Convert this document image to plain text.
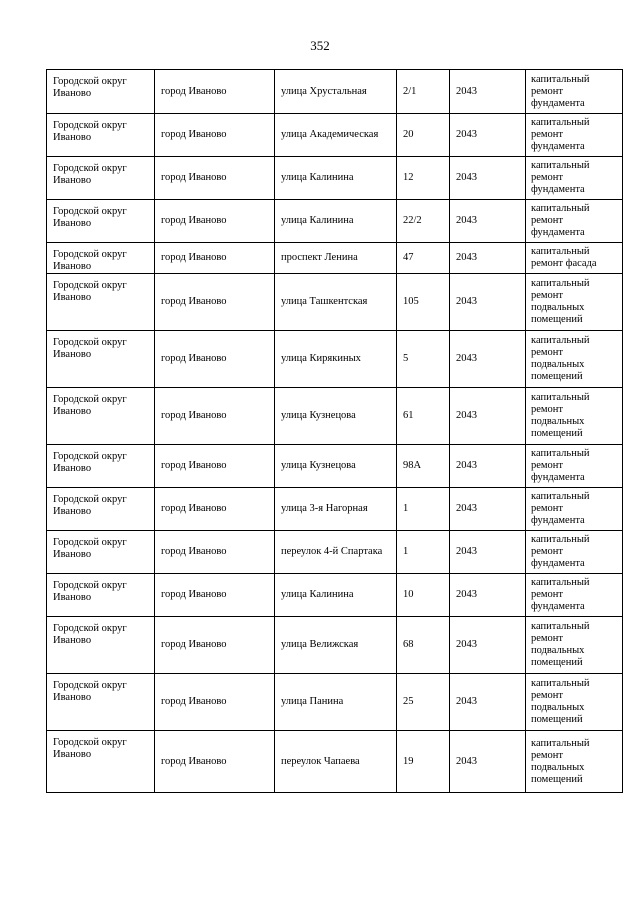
352
Городской округ Иваново	город Иваново	улица Хрустальная	2/1	2043	капитальный ремонт фундамента
Городской округ Иваново	город Иваново	улица Академическая	20	2043	капитальный ремонт фундамента
Городской округ Иваново	город Иваново	улица Калинина	12	2043	капитальный ремонт фундамента
Городской округ Иваново	город Иваново	улица Калинина	22/2	2043	капитальный ремонт фундамента
Городской округ Иваново	город Иваново	проспект Ленина	47	2043	капитальный ремонт фасада
Городской округ Иваново	город Иваново	улица Ташкентская	105	2043	капитальный ремонт подвальных помещений
Городской округ Иваново	город Иваново	улица Кирякиных	5	2043	капитальный ремонт подвальных помещений
Городской округ Иваново	город Иваново	улица Кузнецова	61	2043	капитальный ремонт подвальных помещений
Городской округ Иваново	город Иваново	улица Кузнецова	98А	2043	капитальный ремонт фундамента
Городской округ Иваново	город Иваново	улица 3-я Нагорная	1	2043	капитальный ремонт фундамента
Городской округ Иваново	город Иваново	переулок 4-й Спартака	1	2043	капитальный ремонт фундамента
Городской округ Иваново	город Иваново	улица Калинина	10	2043	капитальный ремонт фундамента
Городской округ Иваново	город Иваново	улица Велижская	68	2043	капитальный ремонт подвальных помещений
Городской округ Иваново	город Иваново	улица Панина	25	2043	капитальный ремонт подвальных помещений
Городской округ Иваново	город Иваново	переулок Чапаева	19	2043	капитальный ремонт подвальных помещений
